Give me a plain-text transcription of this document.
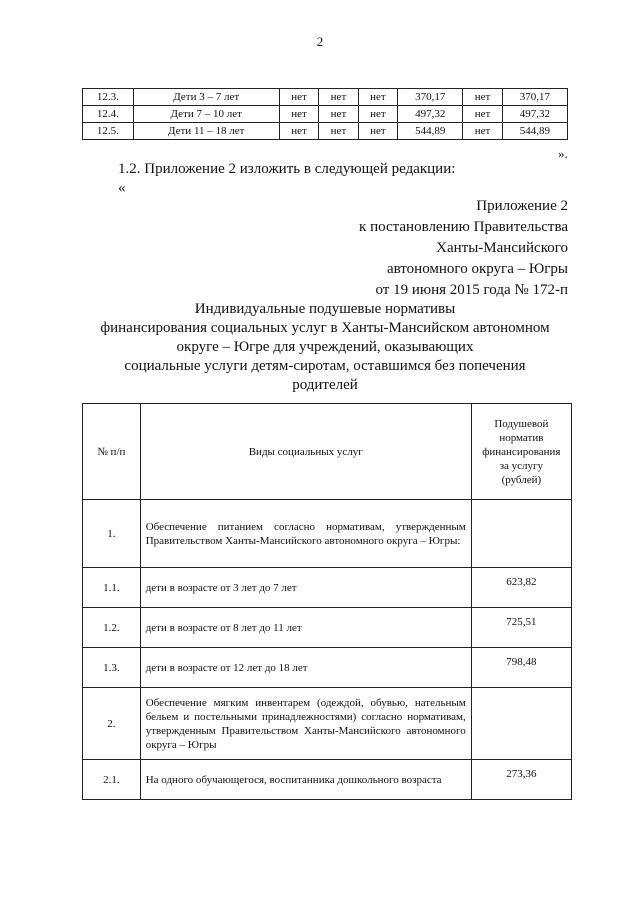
2
12.3.	Дети 3 – 7 лет	нет	нет	нет	370,17	нет	370,17
12.4.	Дети 7 – 10 лет	нет	нет	нет	497,32	нет	497,32
12.5.	Дети 11 – 18 лет	нет	нет	нет	544,89	нет	544,89
».
1.2. Приложение 2 изложить в следующей редакции:
«
Приложение 2
к постановлению Правительства
Ханты-Мансийского
автономного округа – Югры
от 19 июня 2015 года № 172-п
Индивидуальные подушевые нормативы
финансирования социальных услуг в Ханты-Мансийском автономном
округе – Югре для учреждений, оказывающих
социальные услуги детям-сиротам, оставшимся без попечения
родителей
№ п/п	Виды социальных услуг	Подушевой
норматив
финансирования
за услугу
(рублей)

1.	Обеспечение питанием согласно нормативам, утвержденным Правительством Ханты-Мансийского автономного округа – Югры:	
1.1.	дети в возрасте от 3 лет до 7 лет	623,82
1.2.	дети в возрасте от 8 лет до 11 лет	725,51
1.3.	дети в возрасте от 12 лет до 18 лет	798,48
2.	Обеспечение мягким инвентарем (одеждой, обувью, нательным бельем и постельными принадлежностями) согласно нормативам, утвержденным Правительством Ханты-Мансийского автономного округа – Югры	
2.1.	На одного обучающегося, воспитанника дошкольного возраста	273,36
